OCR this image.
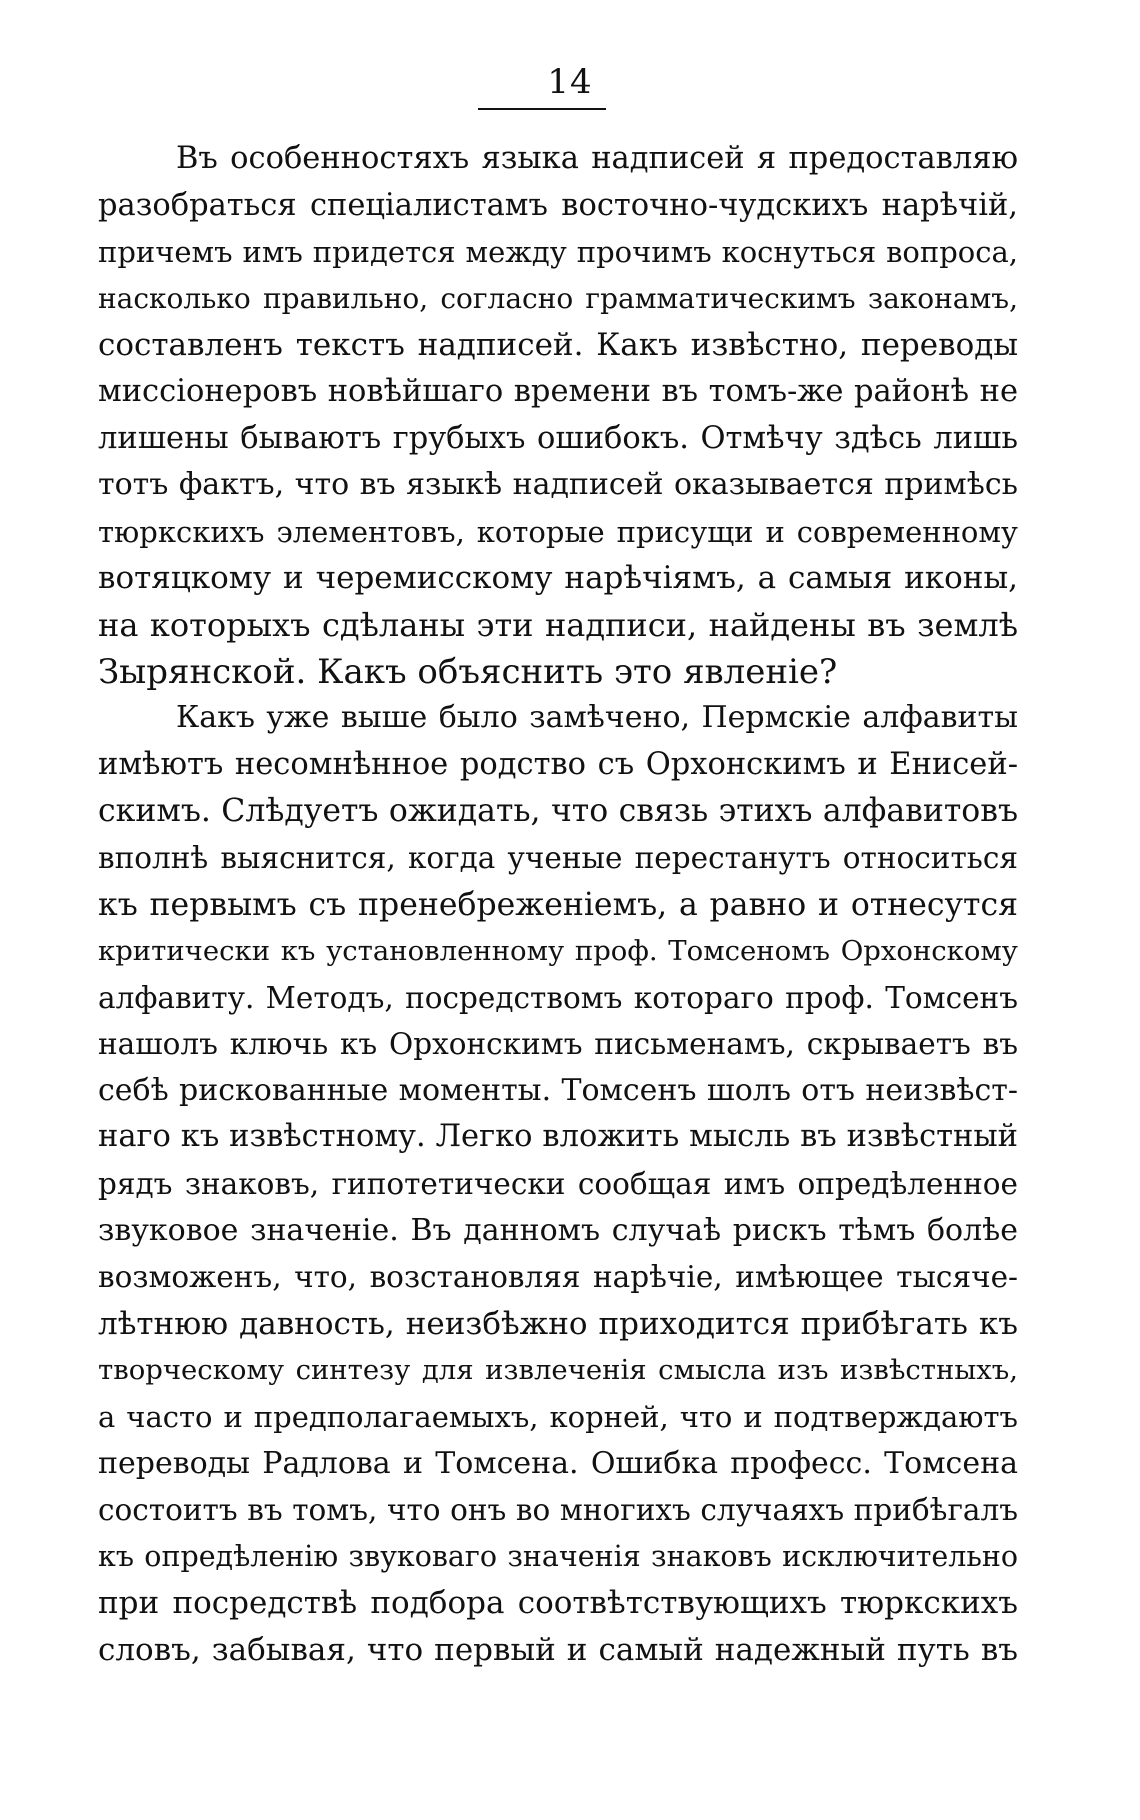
14
Въ особенностяхъ языка надписей я предоставляю
разобраться спеціалистамъ восточно-чудскихъ нарѣчій,
причемъ имъ придется между прочимъ коснуться вопроса,
насколько правильно, согласно грамматическимъ законамъ,
составленъ текстъ надписей. Какъ извѣстно, переводы
миссіонеровъ новѣйшаго времени въ томъ-же районѣ не
лишены бываютъ грубыхъ ошибокъ. Отмѣчу здѣсь лишь
тотъ фактъ, что въ языкѣ надписей оказывается примѣсь
тюркскихъ элементовъ, которые присущи и современному
вотяцкому и черемисскому нарѣчіямъ, а самыя иконы,
на которыхъ сдѣланы эти надписи, найдены въ землѣ
Зырянской. Какъ объяснить это явленіе?
Какъ уже выше было замѣчено, Пермскіе алфавиты
имѣютъ несомнѣнное родство съ Орхонскимъ и Енисей-
скимъ. Слѣдуетъ ожидать, что связь этихъ алфавитовъ
вполнѣ выяснится, когда ученые перестанутъ относиться
къ первымъ съ пренебреженіемъ, а равно и отнесутся
критически къ установленному проф. Томсеномъ Орхонскому
алфавиту. Методъ, посредствомъ котораго проф. Томсенъ
нашолъ ключь къ Орхонскимъ письменамъ, скрываетъ въ
себѣ рискованные моменты. Томсенъ шолъ отъ неизвѣст-
наго къ извѣстному. Легко вложить мысль въ извѣстный
рядъ знаковъ, гипотетически сообщая имъ опредѣленное
звуковое значеніе. Въ данномъ случаѣ рискъ тѣмъ болѣе
возможенъ, что, возстановляя нарѣчіе, имѣющее тысяче-
лѣтнюю давность, неизбѣжно приходится прибѣгать къ
творческому синтезу для извлеченія смысла изъ извѣстныхъ,
а часто и предполагаемыхъ, корней, что и подтверждаютъ
переводы Радлова и Томсена. Ошибка професс. Томсена
состоитъ въ томъ, что онъ во многихъ случаяхъ прибѣгалъ
къ опредѣленію звуковаго значенія знаковъ исключительно
при посредствѣ подбора соотвѣтствующихъ тюркскихъ
словъ, забывая, что первый и самый надежный путь въ
